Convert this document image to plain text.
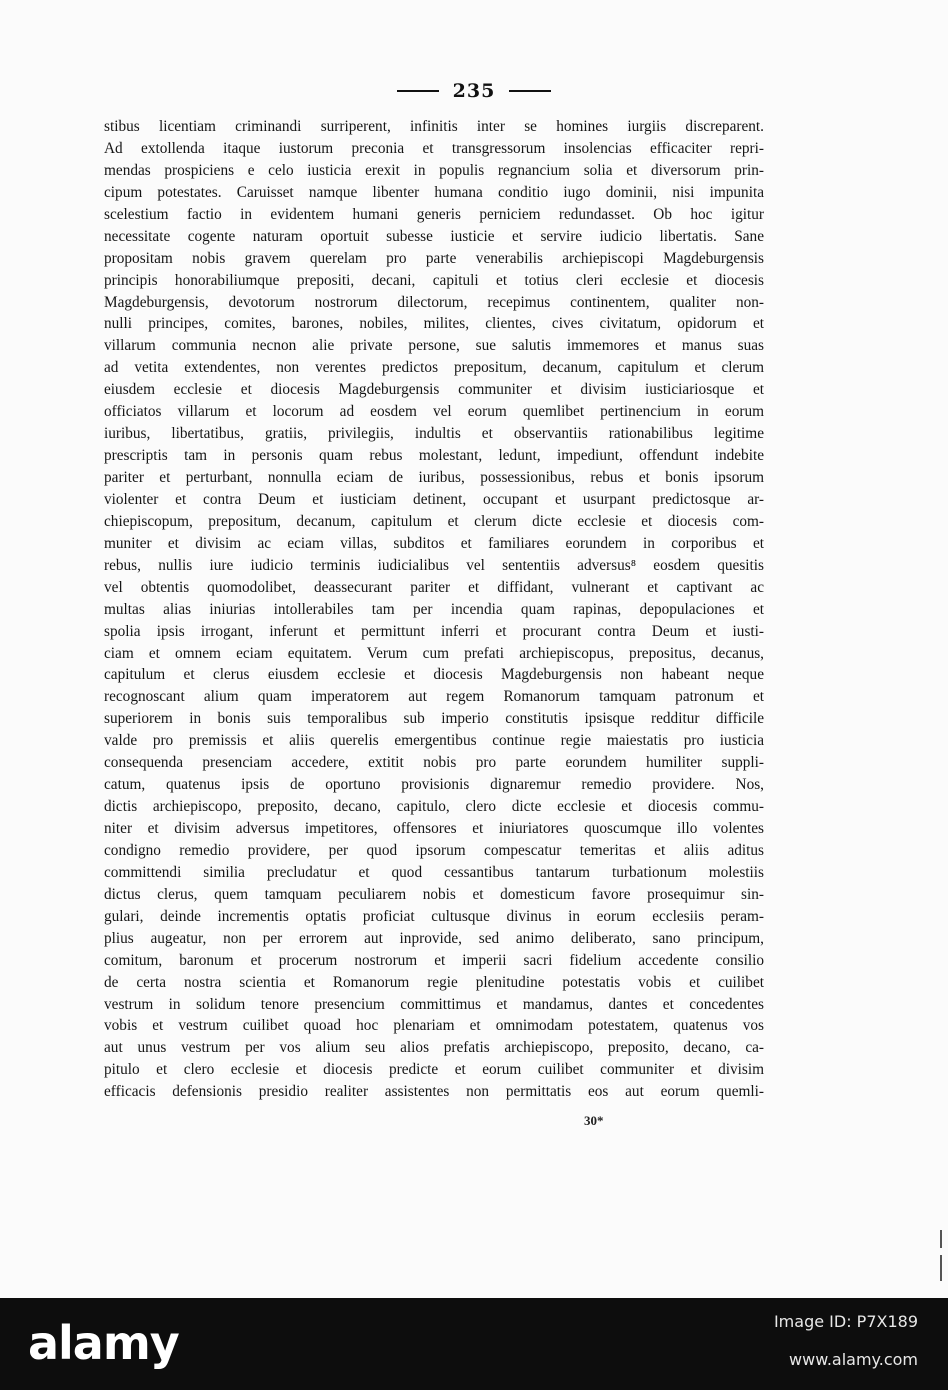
235
stibus licentiam criminandi surriperent, infinitis inter se homines iurgiis discreparent.
Ad extollenda itaque iustorum preconia et transgressorum insolencias efficaciter repri-
mendas prospiciens e celo iusticia erexit in populis regnancium solia et diversorum prin-
cipum potestates. Caruisset namque libenter humana conditio iugo dominii, nisi impunita
scelestium factio in evidentem humani generis perniciem redundasset. Ob hoc igitur
necessitate cogente naturam oportuit subesse iusticie et servire iudicio libertatis. Sane
propositam nobis gravem querelam pro parte venerabilis archiepiscopi Magdeburgensis
principis honorabiliumque prepositi, decani, capituli et totius cleri ecclesie et diocesis
Magdeburgensis, devotorum nostrorum dilectorum, recepimus continentem, qualiter non-
nulli principes, comites, barones, nobiles, milites, clientes, cives civitatum, opidorum et
villarum communia necnon alie private persone, sue salutis immemores et manus suas
ad vetita extendentes, non verentes predictos prepositum, decanum, capitulum et clerum
eiusdem ecclesie et diocesis Magdeburgensis communiter et divisim iusticiariosque et
officiatos villarum et locorum ad eosdem vel eorum quemlibet pertinencium in eorum
iuribus, libertatibus, gratiis, privilegiis, indultis et observantiis rationabilibus legitime
prescriptis tam in personis quam rebus molestant, ledunt, impediunt, offendunt indebite
pariter et perturbant, nonnulla eciam de iuribus, possessionibus, rebus et bonis ipsorum
violenter et contra Deum et iusticiam detinent, occupant et usurpant predictosque ar-
chiepiscopum, prepositum, decanum, capitulum et clerum dicte ecclesie et diocesis com-
muniter et divisim ac eciam villas, subditos et familiares eorundem in corporibus et
rebus, nullis iure iudicio terminis iudicialibus vel sententiis adversus⁸ eosdem quesitis
vel obtentis quomodolibet, deassecurant pariter et diffidant, vulnerant et captivant ac
multas alias iniurias intollerabiles tam per incendia quam rapinas, depopulaciones et
spolia ipsis irrogant, inferunt et permittunt inferri et procurant contra Deum et iusti-
ciam et omnem eciam equitatem. Verum cum prefati archiepiscopus, prepositus, decanus,
capitulum et clerus eiusdem ecclesie et diocesis Magdeburgensis non habeant neque
recognoscant alium quam imperatorem aut regem Romanorum tamquam patronum et
superiorem in bonis suis temporalibus sub imperio constitutis ipsisque redditur difficile
valde pro premissis et aliis querelis emergentibus continue regie maiestatis pro iusticia
consequenda presenciam accedere, extitit nobis pro parte eorundem humiliter suppli-
catum, quatenus ipsis de oportuno provisionis dignaremur remedio providere. Nos,
dictis archiepiscopo, preposito, decano, capitulo, clero dicte ecclesie et diocesis commu-
niter et divisim adversus impetitores, offensores et iniuriatores quoscumque illo volentes
condigno remedio providere, per quod ipsorum compescatur temeritas et aliis aditus
committendi similia precludatur et quod cessantibus tantarum turbationum molestiis
dictus clerus, quem tamquam peculiarem nobis et domesticum favore prosequimur sin-
gulari, deinde incrementis optatis proficiat cultusque divinus in eorum ecclesiis peram-
plius augeatur, non per errorem aut inprovide, sed animo deliberato, sano principum,
comitum, baronum et procerum nostrorum et imperii sacri fidelium accedente consilio
de certa nostra scientia et Romanorum regie plenitudine potestatis vobis et cuilibet
vestrum in solidum tenore presencium committimus et mandamus, dantes et concedentes
vobis et vestrum cuilibet quoad hoc plenariam et omnimodam potestatem, quatenus vos
aut unus vestrum per vos alium seu alios prefatis archiepiscopo, preposito, decano, ca-
pitulo et clero ecclesie et diocesis predicte et eorum cuilibet communiter et divisim
efficacis defensionis presidio realiter assistentes non permittatis eos aut eorum quemli-
30*
alamy	Image ID: P7X189
www.alamy.com
